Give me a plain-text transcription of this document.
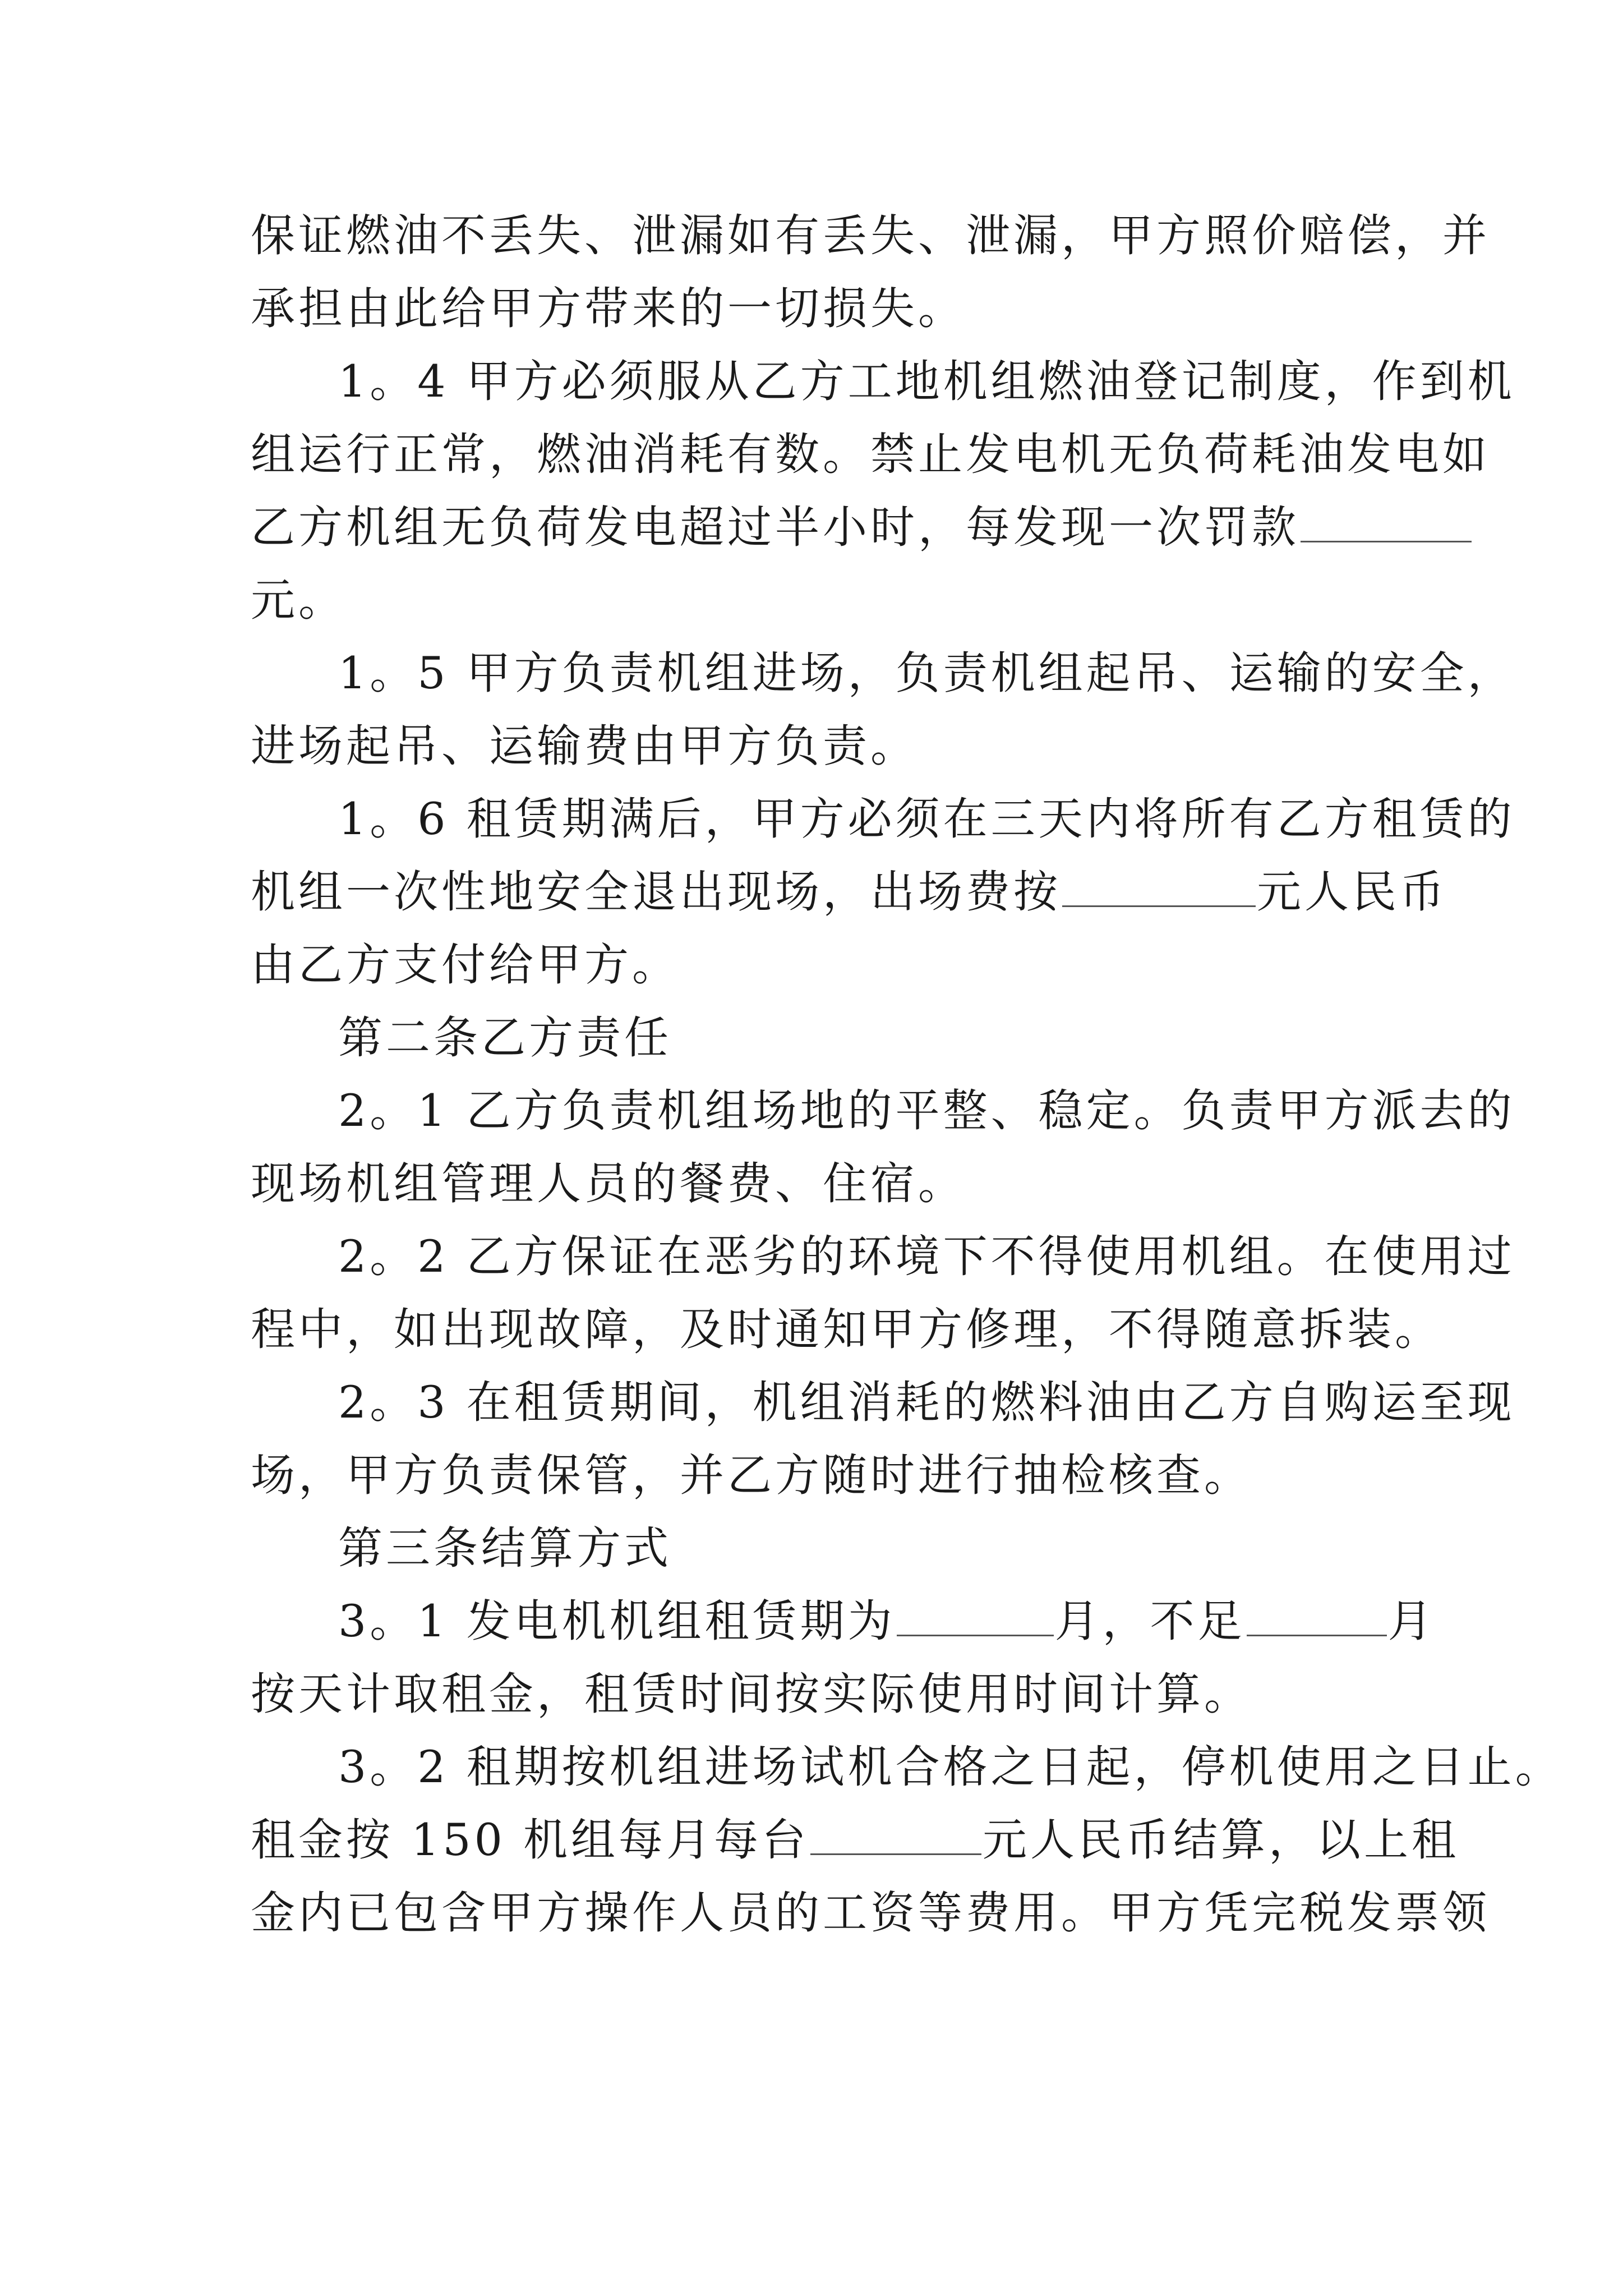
保证燃油不丢失、泄漏如有丢失、泄漏，甲方照价赔偿，并
承担由此给甲方带来的一切损失。
1。4 甲方必须服从乙方工地机组燃油登记制度，作到机
组运行正常，燃油消耗有数。禁止发电机无负荷耗油发电如
乙方机组无负荷发电超过半小时，每发现一次罚款
元。
1。5 甲方负责机组进场，负责机组起吊、运输的安全，
进场起吊、运输费由甲方负责。
1。6 租赁期满后，甲方必须在三天内将所有乙方租赁的
机组一次性地安全退出现场，出场费按	元人民币
由乙方支付给甲方。
第二条乙方责任
2。1 乙方负责机组场地的平整、稳定。负责甲方派去的
现场机组管理人员的餐费、住宿。
2。2 乙方保证在恶劣的环境下不得使用机组。在使用过
程中，如出现故障，及时通知甲方修理，不得随意拆装。
2。3 在租赁期间，机组消耗的燃料油由乙方自购运至现
场，甲方负责保管，并乙方随时进行抽检核查。
第三条结算方式
3。1 发电机机组租赁期为	月，不足	月
按天计取租金，租赁时间按实际使用时间计算。
3。2 租期按机组进场试机合格之日起，停机使用之日止。
租金按 150 机组每月每台	元人民币结算，以上租
金内已包含甲方操作人员的工资等费用。甲方凭完税发票领
